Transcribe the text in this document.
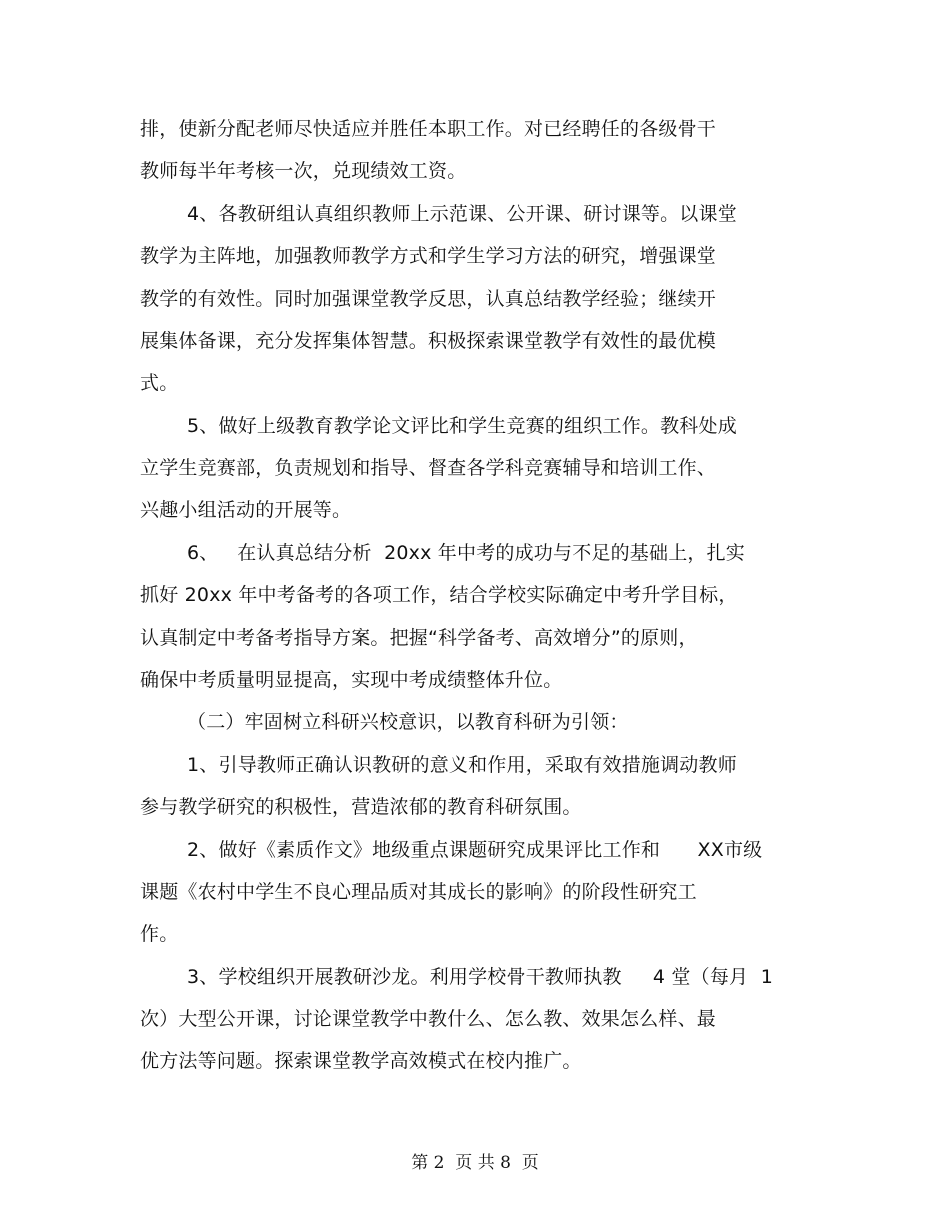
排，使新分配老师尽快适应并胜任本职工作。对已经聘任的各级骨干
教师每半年考核一次，兑现绩效工资。
4、各教研组认真组织教师上示范课、公开课、研讨课等。以课堂
教学为主阵地，加强教师教学方式和学生学习方法的研究，增强课堂
教学的有效性。同时加强课堂教学反思，认真总结教学经验；继续开
展集体备课，充分发挥集体智慧。积极探索课堂教学有效性的最优模
式。
5、做好上级教育教学论文评比和学生竞赛的组织工作。教科处成
立学生竞赛部，负责规划和指导、督查各学科竞赛辅导和培训工作、
兴趣小组活动的开展等。
6、   在认真总结分析  20xx 年中考的成功与不足的基础上，扎实
抓好 20xx 年中考备考的各项工作，结合学校实际确定中考升学目标，
认真制定中考备考指导方案。把握“科学备考、高效增分”的原则，
确保中考质量明显提高，实现中考成绩整体升位。
（二）牢固树立科研兴校意识，以教育科研为引领：
1、引导教师正确认识教研的意义和作用，采取有效措施调动教师
参与教学研究的积极性，营造浓郁的教育科研氛围。
2、做好《素质作文》地级重点课题研究成果评比工作和      XX市级
课题《农村中学生不良心理品质对其成长的影响》的阶段性研究工
作。
3、学校组织开展教研沙龙。利用学校骨干教师执教     4 堂（每月  1
次）大型公开课，讨论课堂教学中教什么、怎么教、效果怎么样、最
优方法等问题。探索课堂教学高效模式在校内推广。
第 2  页 共 8  页
